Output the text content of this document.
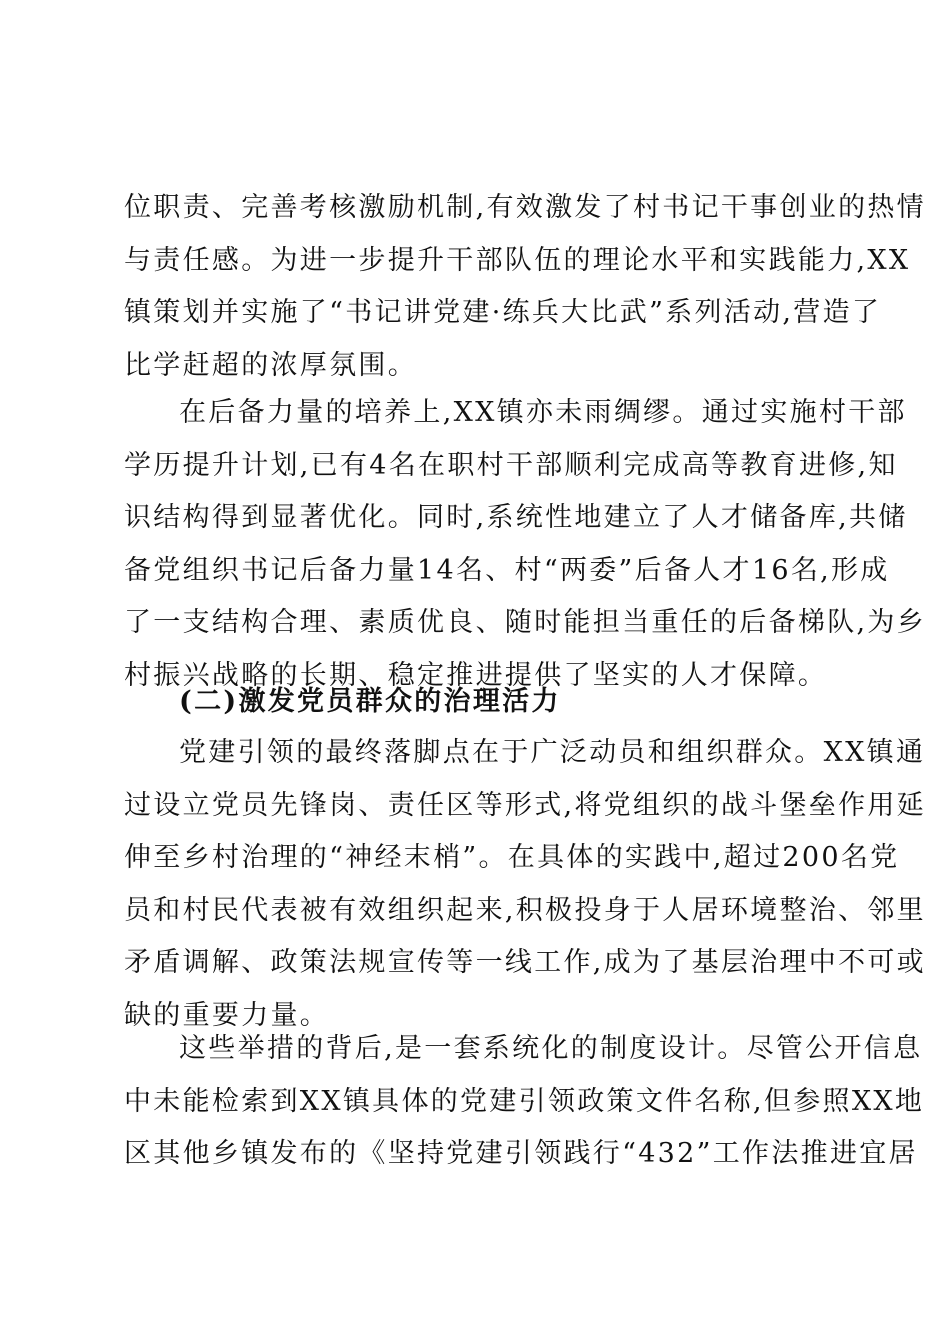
位职责、完善考核激励机制,有效激发了村书记干事创业的热情
与责任感。为进一步提升干部队伍的理论水平和实践能力,XX
镇策划并实施了“书记讲党建·练兵大比武”系列活动,营造了
比学赶超的浓厚氛围。
在后备力量的培养上,XX镇亦未雨绸缪。通过实施村干部
学历提升计划,已有4名在职村干部顺利完成高等教育进修,知
识结构得到显著优化。同时,系统性地建立了人才储备库,共储
备党组织书记后备力量14名、村“两委”后备人才16名,形成
了一支结构合理、素质优良、随时能担当重任的后备梯队,为乡
村振兴战略的长期、稳定推进提供了坚实的人才保障。
(二)激发党员群众的治理活力
党建引领的最终落脚点在于广泛动员和组织群众。XX镇通
过设立党员先锋岗、责任区等形式,将党组织的战斗堡垒作用延
伸至乡村治理的“神经末梢”。在具体的实践中,超过200名党
员和村民代表被有效组织起来,积极投身于人居环境整治、邻里
矛盾调解、政策法规宣传等一线工作,成为了基层治理中不可或
缺的重要力量。
这些举措的背后,是一套系统化的制度设计。尽管公开信息
中未能检索到XX镇具体的党建引领政策文件名称,但参照XX地
区其他乡镇发布的《坚持党建引领践行“432”工作法推进宜居
